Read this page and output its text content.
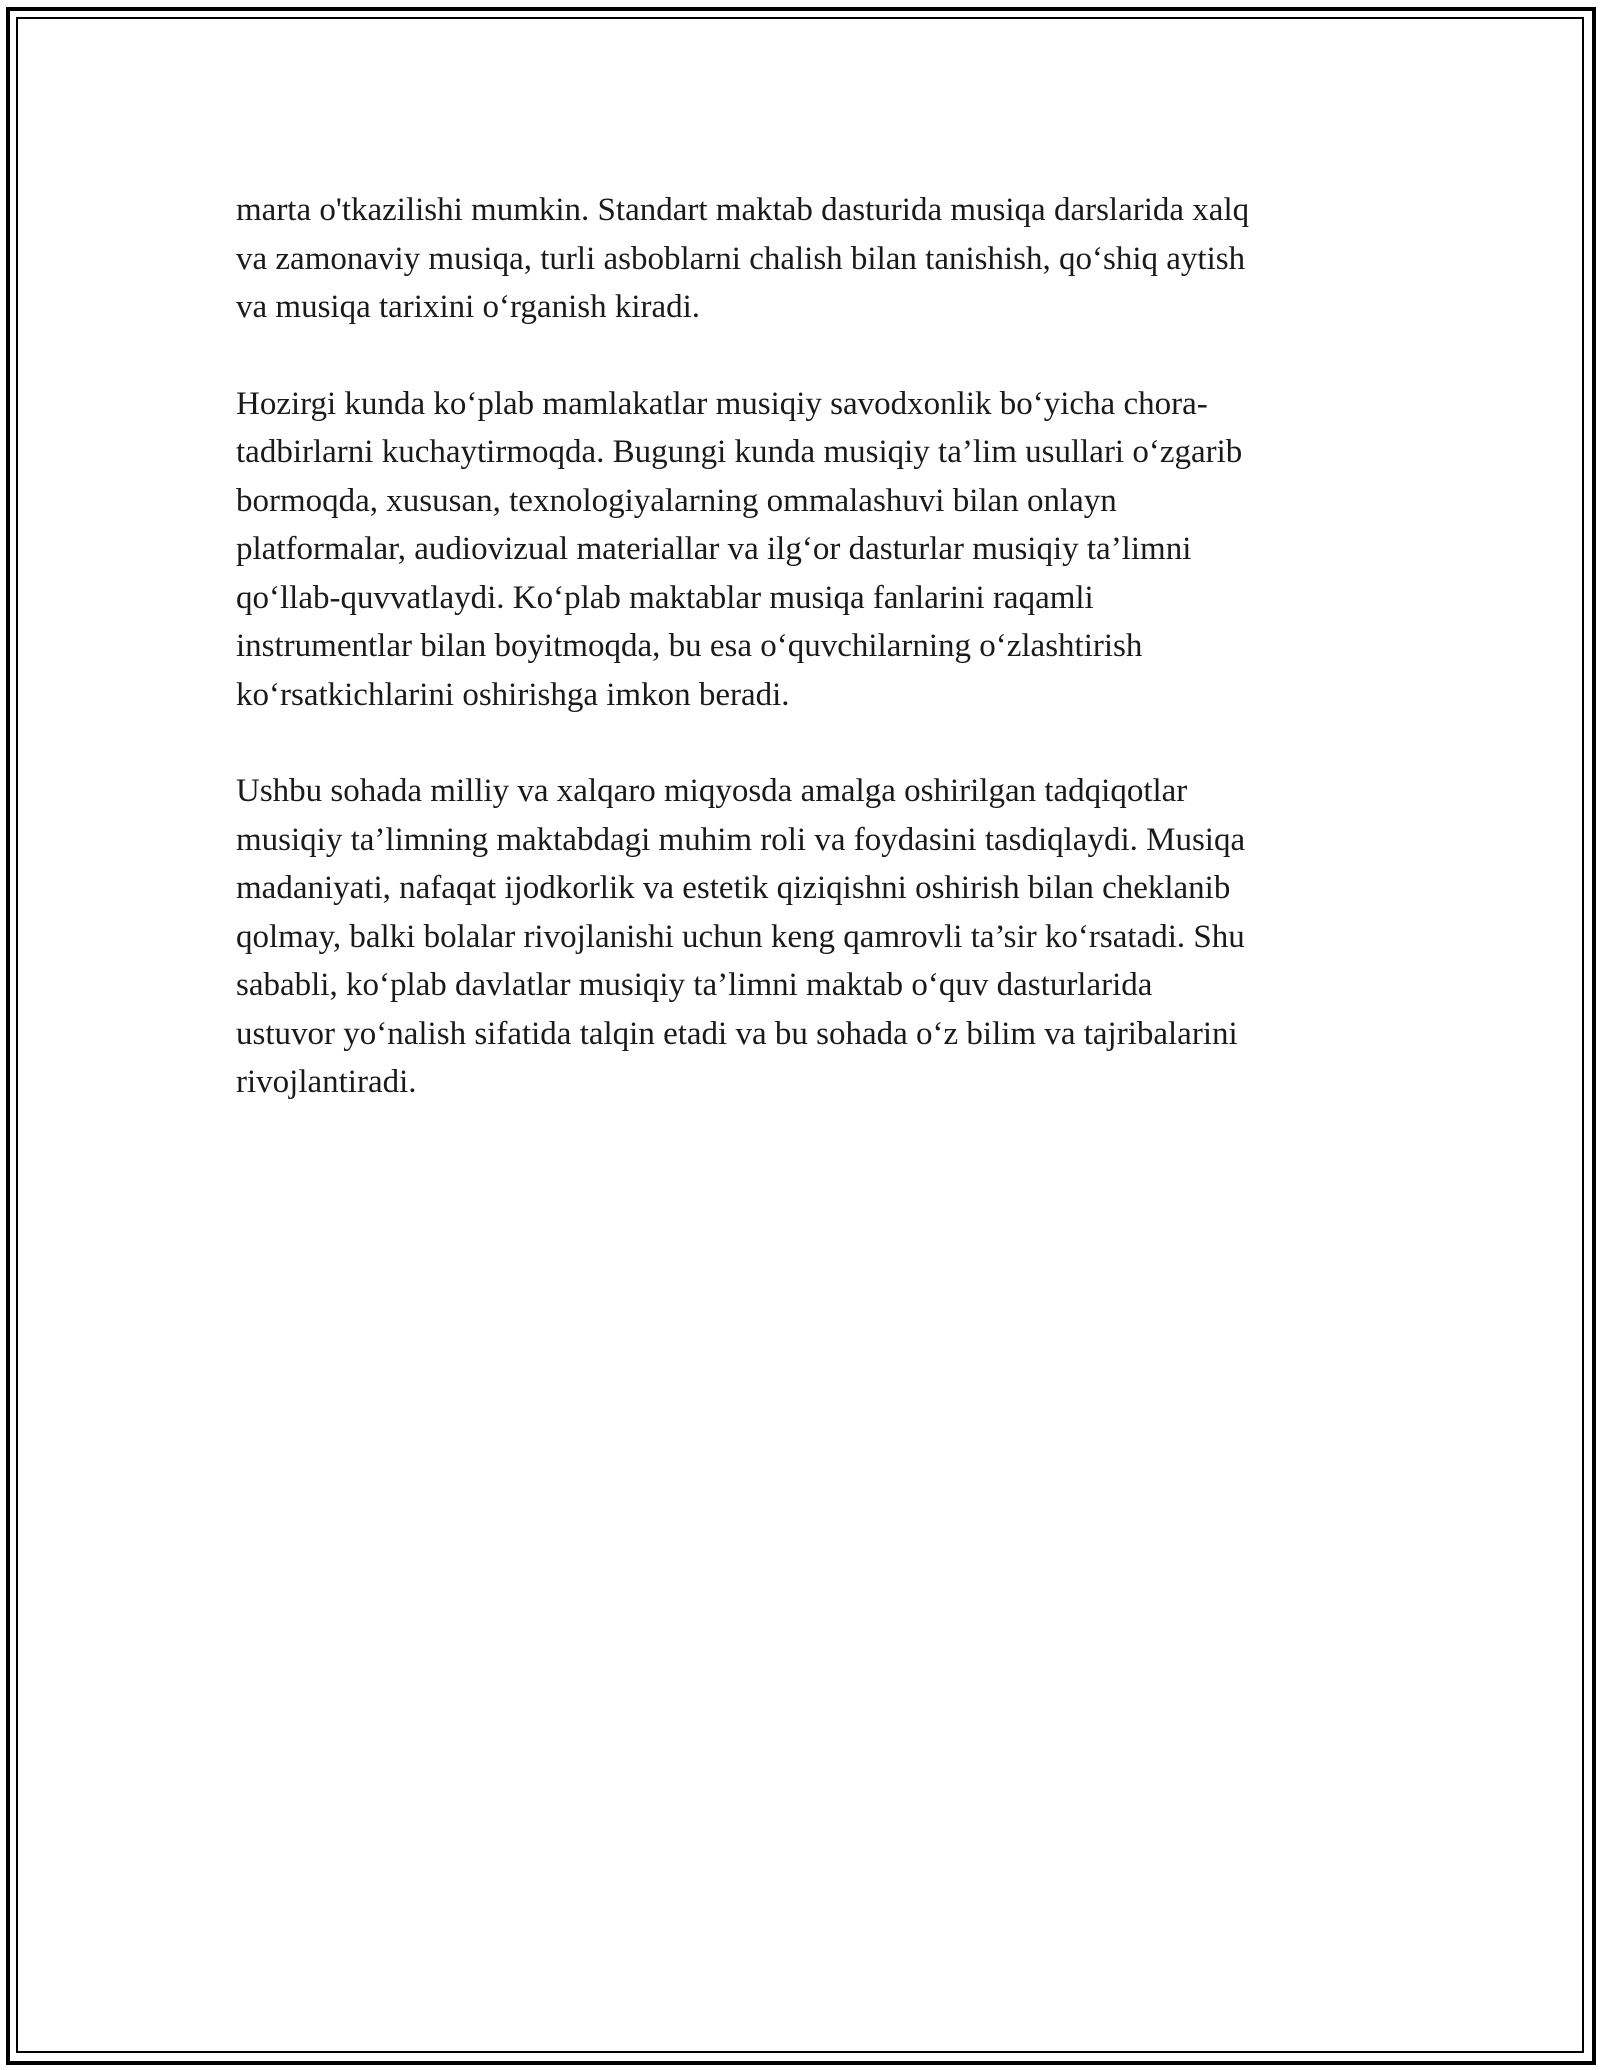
marta o'tkazilishi mumkin. Standart maktab dasturida musiqa darslarida xalq
va zamonaviy musiqa, turli asboblarni chalish bilan tanishish, qo‘shiq aytish
va musiqa tarixini o‘rganish kiradi.

Hozirgi kunda ko‘plab mamlakatlar musiqiy savodxonlik bo‘yicha chora-
tadbirlarni kuchaytirmoqda. Bugungi kunda musiqiy ta’lim usullari o‘zgarib
bormoqda, xususan, texnologiyalarning ommalashuvi bilan onlayn
platformalar, audiovizual materiallar va ilg‘or dasturlar musiqiy ta’limni
qo‘llab-quvvatlaydi. Ko‘plab maktablar musiqa fanlarini raqamli
instrumentlar bilan boyitmoqda, bu esa o‘quvchilarning o‘zlashtirish
ko‘rsatkichlarini oshirishga imkon beradi.

Ushbu sohada milliy va xalqaro miqyosda amalga oshirilgan tadqiqotlar
musiqiy ta’limning maktabdagi muhim roli va foydasini tasdiqlaydi. Musiqa
madaniyati, nafaqat ijodkorlik va estetik qiziqishni oshirish bilan cheklanib
qolmay, balki bolalar rivojlanishi uchun keng qamrovli ta’sir ko‘rsatadi. Shu
sababli, ko‘plab davlatlar musiqiy ta’limni maktab o‘quv dasturlarida
ustuvor yo‘nalish sifatida talqin etadi va bu sohada o‘z bilim va tajribalarini
rivojlantiradi.
